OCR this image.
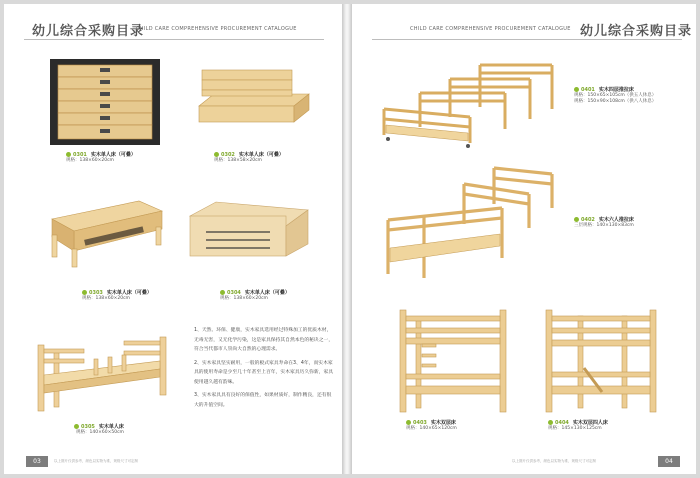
幼儿综合采购目录
CHILD CARE COMPREHENSIVE PROCUREMENT CATALOGUE
0301 实木单人床（可叠）
规格：138×60×20cm
0302 实木单人床（可叠）
规格：138×58×20cm
0303 实木单人床（可叠）
规格：138×60×20cm
0304 实木单人床（可叠）
规格：138×60×20cm
0305 实木单人床
规格：140×60×50cm

1、天然、环保、健康，实木家具选用经过特殊加工的优质木材，无毒无害，又无化学污染，这是家具保持其自然本色的秘诀之一，符合当代都市人崇尚大自然的心理需求。

2、实木家具坚实耐用，一般的板式家具寿命在3、4年，而实木家具的使用寿命是少至几十年甚至上百年，实木家具历久弥新，家具使用越久越有韵味。

3、实木家具具有良好的保值性，如果材质好，制作精良，还有很大的升值空间。

03	以上图片仅供参考，颜色以实物为准，规格尺寸可定制
CHILD CARE COMPREHENSIVE PROCUREMENT CATALOGUE 幼儿综合采购目录
0401 实木四层推拉床
规格：150×65×105cm（供五人休息）
规格：150×90×108cm（供八人休息）
0402 实木六人推拉床
三层规格：140×130×83cm
0403 实木双层床
规格：140×65×120cm
0404 实木双层四人床
规格：145×130×125cm
以上图片仅供参考，颜色以实物为准，规格尺寸可定制	04
